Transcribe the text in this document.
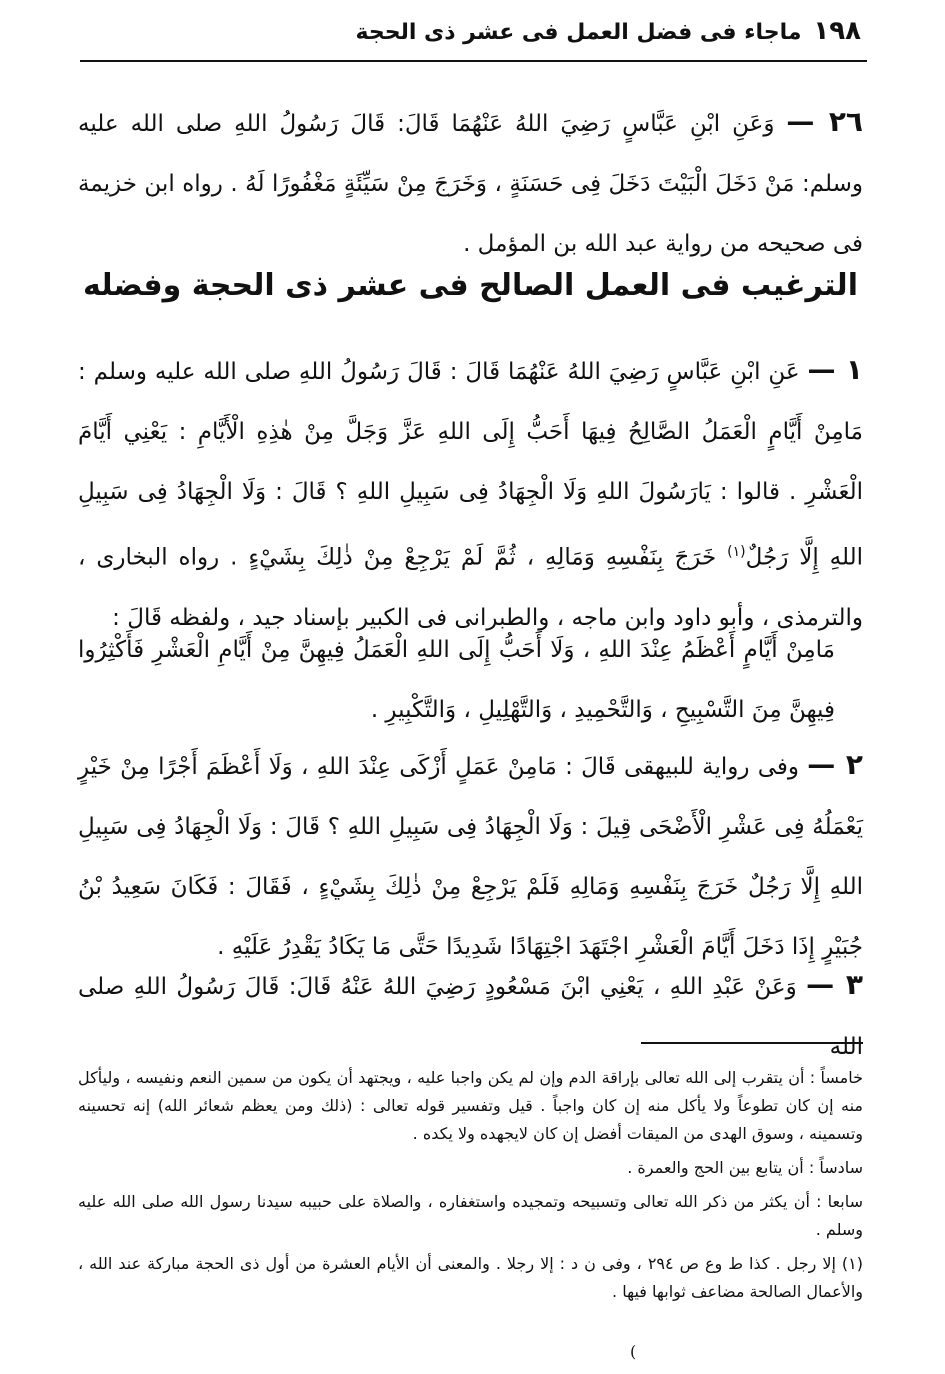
١٩٨
ماجاء فى فضل العمل فى عشر ذى الحجة
٢٦ — وَعَنِ ابْنِ عَبَّاسٍ رَضِيَ اللهُ عَنْهُمَا قَالَ: قَالَ رَسُولُ اللهِ صلى الله عليه وسلم: مَنْ دَخَلَ الْبَيْتَ دَخَلَ فِى حَسَنَةٍ ، وَخَرَجَ مِنْ سَيِّئَةٍ مَغْفُورًا لَهُ . رواه ابن خزيمة فى صحيحه من رواية عبد الله بن المؤمل .
الترغيب فى العمل الصالح فى عشر ذى الحجة وفضله
١ — عَنِ ابْنِ عَبَّاسٍ رَضِيَ اللهُ عَنْهُمَا قَالَ : قَالَ رَسُولُ اللهِ صلى الله عليه وسلم : مَامِنْ أَيَّامٍ الْعَمَلُ الصَّالِحُ فِيهَا أَحَبُّ إِلَى اللهِ عَزَّ وَجَلَّ مِنْ هٰذِهِ الْأَيَّامِ : يَعْنِي أَيَّامَ الْعَشْرِ . قالوا : يَارَسُولَ اللهِ وَلَا الْجِهَادُ فِى سَبِيلِ اللهِ ؟ قَالَ : وَلَا الْجِهَادُ فِى سَبِيلِ اللهِ إِلَّا رَجُلٌ$^{(١)}$ خَرَجَ بِنَفْسِهِ وَمَالِهِ ، ثُمَّ لَمْ يَرْجِعْ مِنْ ذٰلِكَ بِشَيْءٍ . رواه البخارى ، والترمذى ، وأبو داود وابن ماجه ، والطبرانى فى الكبير بإسناد جيد ، ولفظه قَالَ :
مَامِنْ أَيَّامٍ أَعْظَمُ عِنْدَ اللهِ ، وَلَا أَحَبُّ إِلَى اللهِ الْعَمَلُ فِيهِنَّ مِنْ أَيَّامِ الْعَشْرِ فَأَكْثِرُوا فِيهِنَّ مِنَ التَّسْبِيحِ ، وَالتَّحْمِيدِ ، وَالتَّهْلِيلِ ، وَالتَّكْبِيرِ .
٢ — وفى رواية للبيهقى قَالَ : مَامِنْ عَمَلٍ أَزْكَى عِنْدَ اللهِ ، وَلَا أَعْظَمَ أَجْرًا مِنْ خَيْرٍ يَعْمَلُهُ فِى عَشْرِ الْأَضْحَى قِيلَ : وَلَا الْجِهَادُ فِى سَبِيلِ اللهِ ؟ قَالَ : وَلَا الْجِهَادُ فِى سَبِيلِ اللهِ إِلَّا رَجُلٌ خَرَجَ بِنَفْسِهِ وَمَالِهِ فَلَمْ يَرْجِعْ مِنْ ذٰلِكَ بِشَيْءٍ ، فَقَالَ : فَكَانَ سَعِيدُ بْنُ جُبَيْرٍ إِذَا دَخَلَ أَيَّامَ الْعَشْرِ اجْتَهَدَ اجْتِهَادًا شَدِيدًا حَتَّى مَا يَكَادُ يَقْدِرُ عَلَيْهِ .
٣ — وَعَنْ عَبْدِ اللهِ ، يَعْنِي ابْنَ مَسْعُودٍ رَضِيَ اللهُ عَنْهُ قَالَ: قَالَ رَسُولُ اللهِ صلى الله

خامساً : أن يتقرب إلى الله تعالى بإراقة الدم وإن لم يكن واجبا عليه ، ويجتهد أن يكون من سمين النعم ونفيسه ، وليأكل منه إن كان تطوعاً ولا يأكل منه إن كان واجباً . قيل وتفسير قوله تعالى : (ذلك ومن يعظم شعائر الله) إنه تحسينه وتسمينه ، وسوق الهدى من الميقات أفضل إن كان لايجهده ولا يكده .

سادساً : أن يتابع بين الحج والعمرة .

سابعا : أن يكثر من ذكر الله تعالى وتسبيحه وتمجيده واستغفاره ، والصلاة على حبيبه سيدنا رسول الله صلى الله عليه وسلم .

(١) إلا رجل . كذا ط وع ص ٢٩٤ ، وفى ن د : إلا رجلا . والمعنى أن الأيام العشرة من أول ذى الحجة مباركة عند الله ، والأعمال الصالحة مضاعف ثوابها فيها .

(
